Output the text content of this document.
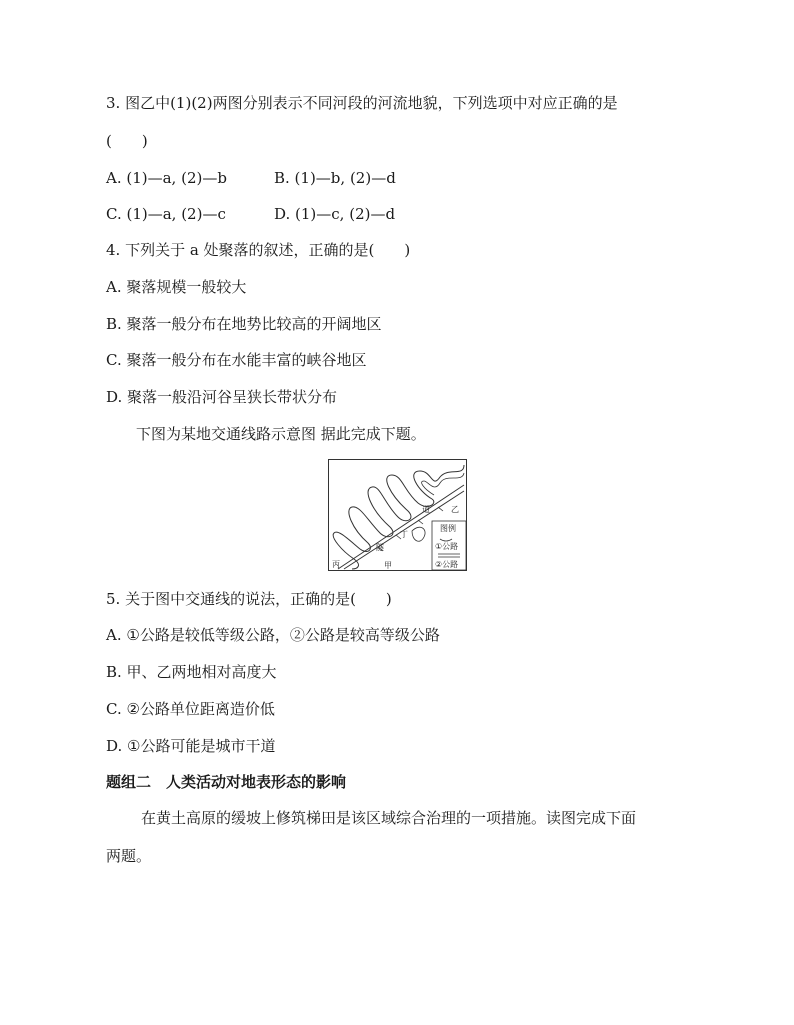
3. 图乙中(1)(2)两图分别表示不同河段的河流地貌，下列选项中对应正确的是
(　　)
A. (1)—a, (2)—b	B. (1)—b, (2)—d
C. (1)—a, (2)—c	D. (1)—c, (2)—d
4. 下列关于 a 处聚落的叙述，正确的是(　　)
A. 聚落规模一般较大
B. 聚落一般分布在地势比较高的开阔地区
C. 聚落一般分布在水能丰富的峡谷地区
D. 聚落一般沿河谷呈狭长带状分布
下图为某地交通线路示意图 据此完成下题。
道	乙
隧
丁
丙	甲
图例
①公路
②公路
5. 关于图中交通线的说法，正确的是(　　)
A. ①公路是较低等级公路，②公路是较高等级公路
B. 甲、乙两地相对高度大
C. ②公路单位距离造价低
D. ①公路可能是城市干道
题组二　人类活动对地表形态的影响
在黄土高原的缓坡上修筑梯田是该区域综合治理的一项措施。读图完成下面
两题。
